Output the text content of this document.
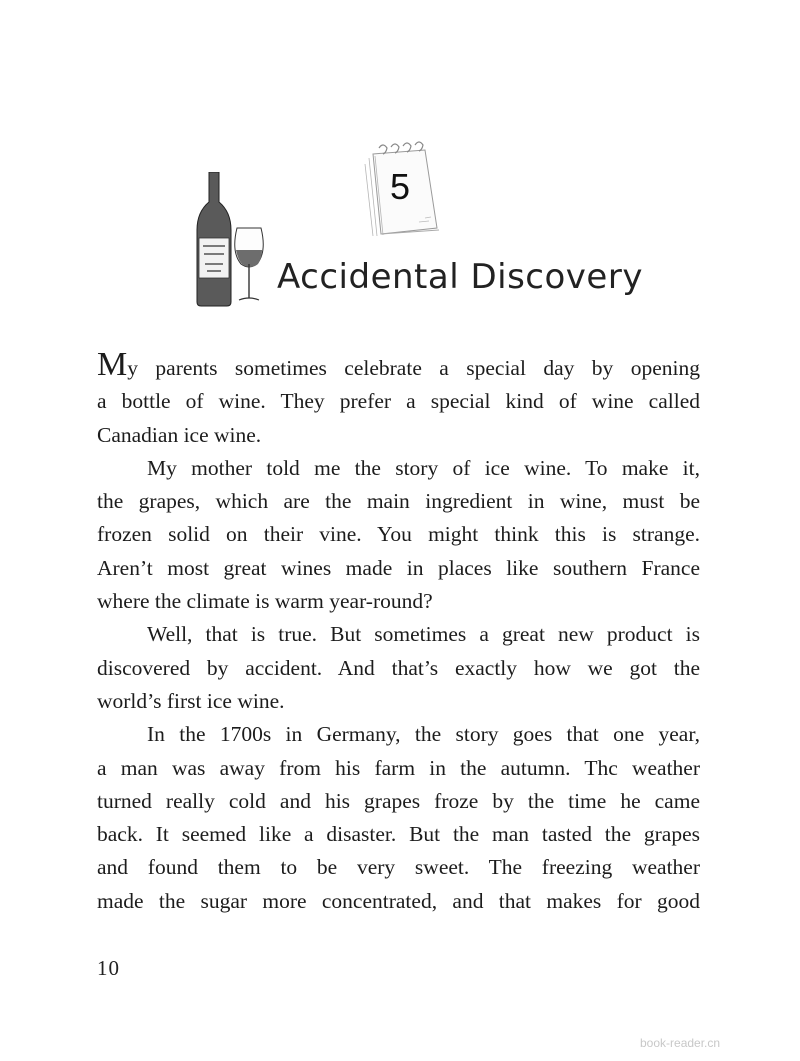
5
Accidental Discovery
My parents sometimes celebrate a special day by opening
a bottle of wine. They prefer a special kind of wine called
Canadian ice wine.
My mother told me the story of ice wine. To make it,
the grapes, which are the main ingredient in wine, must be
frozen solid on their vine. You might think this is strange.
Aren’t most great wines made in places like southern France
where the climate is warm year-round?
Well, that is true. But sometimes a great new product is
discovered by accident. And that’s exactly how we got the
world’s first ice wine.
In the 1700s in Germany, the story goes that one year,
a man was away from his farm in the autumn. Thc weather
turned really cold and his grapes froze by the time he came
back. It seemed like a disaster. But the man tasted the grapes
and found them to be very sweet. The freezing weather
made the sugar more concentrated, and that makes for good
10
book-reader.cn
